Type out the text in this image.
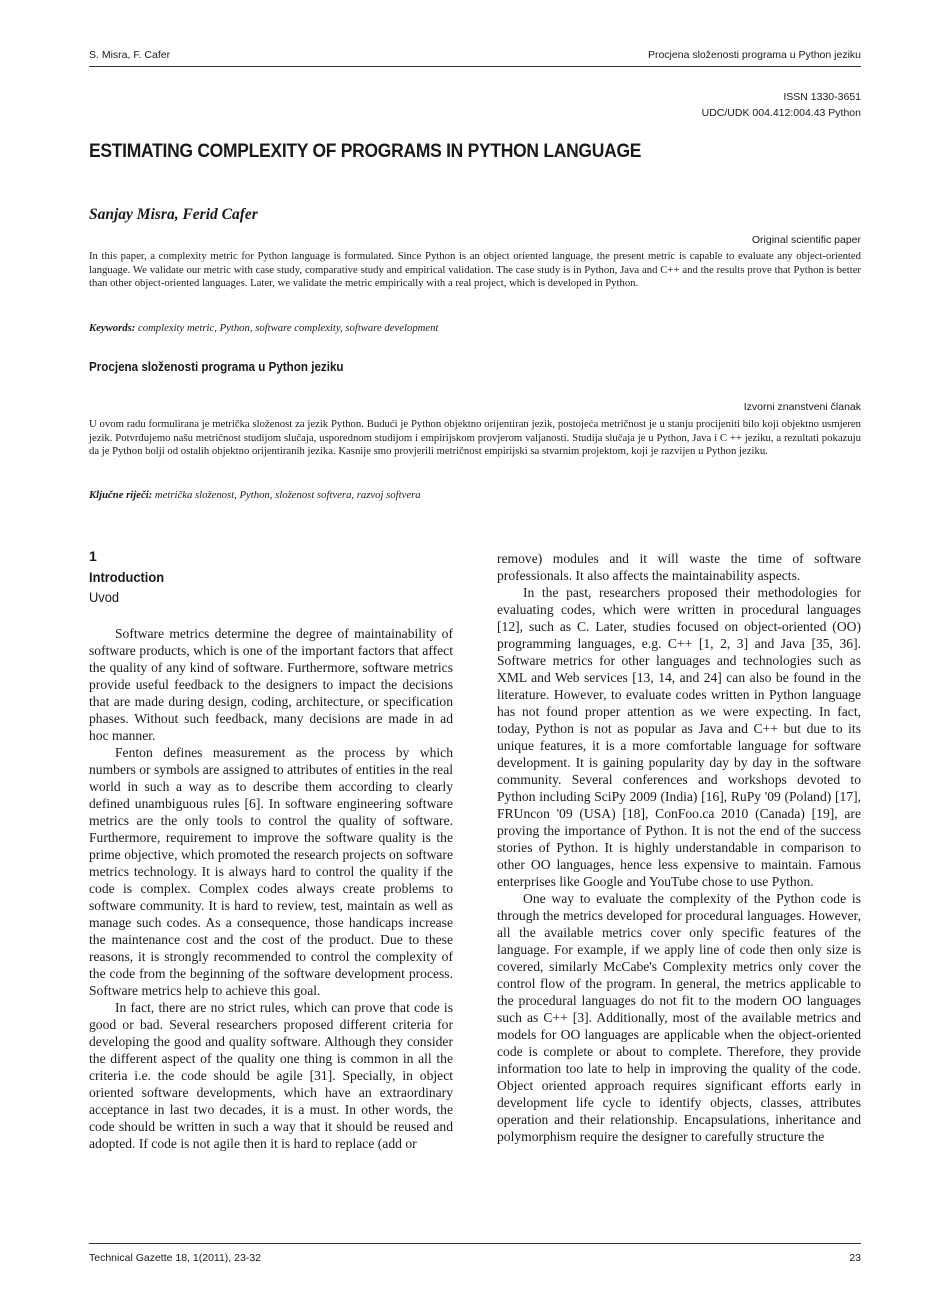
S. Misra, F. Cafer	Procjena složenosti programa u Python jeziku
ISSN 1330-3651
UDC/UDK 004.412:004.43 Python
ESTIMATING COMPLEXITY OF PROGRAMS IN PYTHON LANGUAGE
Sanjay Misra, Ferid Cafer
Original scientific paper
In this paper, a complexity metric for Python language is formulated. Since Python is an object oriented language, the present metric is capable to evaluate any object-oriented language. We validate our metric with case study, comparative study and empirical validation. The case study is in Python, Java and C++ and the results prove that Python is better than other object-oriented languages. Later, we validate the metric empirically with a real project, which is developed in Python.
Keywords: complexity metric, Python, software complexity, software development
Procjena složenosti programa u Python jeziku
Izvorni znanstveni članak
U ovom radu formulirana je metrička složenost za jezik Python. Budući je Python objektno orijentiran jezik, postojeća metričnost je u stanju procijeniti bilo koji objektno usmjeren jezik. Potvrđujemo našu metričnost studijom slučaja, usporednom studijom i empirijskom provjerom valjanosti. Studija slučaja je u Python, Java i C ++ jeziku, a rezultati pokazuju da je Python bolji od ostalih objektno orijentiranih jezika. Kasnije smo provjerili metričnost empirijski sa stvarnim projektom, koji je razvijen u Python jeziku.
Ključne riječi: metrička složenost, Python, složenost softvera, razvoj softvera
1
Introduction
Uvod

Software metrics determine the degree of maintainability of software products, which is one of the important factors that affect the quality of any kind of software. Furthermore, software metrics provide useful feedback to the designers to impact the decisions that are made during design, coding, architecture, or specification phases. Without such feedback, many decisions are made in ad hoc manner.

Fenton defines measurement as the process by which numbers or symbols are assigned to attributes of entities in the real world in such a way as to describe them according to clearly defined unambiguous rules [6]. In software engineering software metrics are the only tools to control the quality of software. Furthermore, requirement to improve the software quality is the prime objective, which promoted the research projects on software metrics technology. It is always hard to control the quality if the code is complex. Complex codes always create problems to software community. It is hard to review, test, maintain as well as manage such codes. As a consequence, those handicaps increase the maintenance cost and the cost of the product. Due to these reasons, it is strongly recommended to control the complexity of the code from the beginning of the software development process. Software metrics help to achieve this goal.

In fact, there are no strict rules, which can prove that code is good or bad. Several researchers proposed different criteria for developing the good and quality software. Although they consider the different aspect of the quality one thing is common in all the criteria i.e. the code should be agile [31]. Specially, in object oriented software developments, which have an extraordinary acceptance in last two decades, it is a must. In other words, the code should be written in such a way that it should be reused and adopted. If code is not agile then it is hard to replace (add or

remove) modules and it will waste the time of software professionals. It also affects the maintainability aspects.

In the past, researchers proposed their methodologies for evaluating codes, which were written in procedural languages [12], such as C. Later, studies focused on object-oriented (OO) programming languages, e.g. C++ [1, 2, 3] and Java [35, 36]. Software metrics for other languages and technologies such as XML and Web services [13, 14, and 24] can also be found in the literature. However, to evaluate codes written in Python language has not found proper attention as we were expecting. In fact, today, Python is not as popular as Java and C++ but due to its unique features, it is a more comfortable language for software development. It is gaining popularity day by day in the software community. Several conferences and workshops devoted to Python including SciPy 2009 (India) [16], RuPy '09 (Poland) [17], FRUncon '09 (USA) [18], ConFoo.ca 2010 (Canada) [19], are proving the importance of Python. It is not the end of the success stories of Python. It is highly understandable in comparison to other OO languages, hence less expensive to maintain. Famous enterprises like Google and YouTube chose to use Python.

One way to evaluate the complexity of the Python code is through the metrics developed for procedural languages. However, all the available metrics cover only specific features of the language. For example, if we apply line of code then only size is covered, similarly McCabe's Complexity metrics only cover the control flow of the program. In general, the metrics applicable to the procedural languages do not fit to the modern OO languages such as C++ [3]. Additionally, most of the available metrics and models for OO languages are applicable when the object-oriented code is complete or about to complete. Therefore, they provide information too late to help in improving the quality of the code. Object oriented approach requires significant efforts early in development life cycle to identify objects, classes, attributes operation and their relationship. Encapsulations, inheritance and polymorphism require the designer to carefully structure the

Technical Gazette 18, 1(2011), 23-32	23
